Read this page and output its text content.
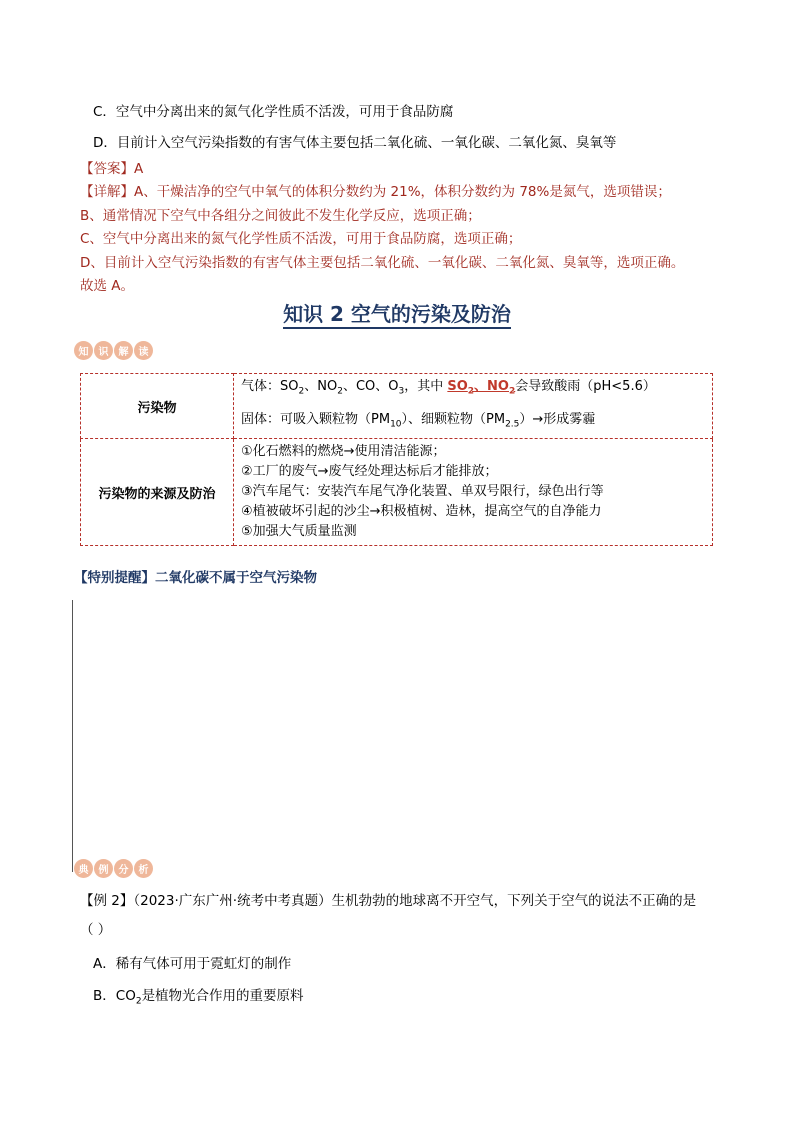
C．空气中分离出来的氮气化学性质不活泼，可用于食品防腐
D．目前计入空气污染指数的有害气体主要包括二氧化硫、一氧化碳、二氧化氮、臭氧等
【答案】A
【详解】A、干燥洁净的空气中氧气的体积分数约为 21%，体积分数约为 78%是氮气，选项错误；
B、通常情况下空气中各组分之间彼此不发生化学反应，选项正确；
C、空气中分离出来的氮气化学性质不活泼，可用于食品防腐，选项正确；
D、目前计入空气污染指数的有害气体主要包括二氧化硫、一氧化碳、二氧化氮、臭氧等，选项正确。
故选 A。
知识 2 空气的污染及防治
知	识	解	读
污染物	气体：$SO_2$、$NO_2$、CO、$O_3$，其中 $SO_2$、$NO_2$会导致酸雨（pH<5.6）
固体：可吸入颗粒物$(PM_{10})$、细颗粒物$(PM_{2.5})\to$形成雾霾

污染物的来源及防治	①化石燃料的燃烧→使用清洁能源；
②工厂的废气→废气经处理达标后才能排放；
③汽车尾气：安装汽车尾气净化装置、单双号限行，绿色出行等
④植被破坏引起的沙尘→积极植树、造林，提高空气的自净能力
⑤加强大气质量监测
【特别提醒】二氧化碳不属于空气污染物
典	例	分	析
【例 2】（2023·广东广州·统考中考真题）生机勃勃的地球离不开空气，下列关于空气的说法不正确的是
（ ）
A．稀有气体可用于霓虹灯的制作
B．$CO_2$是植物光合作用的重要原料
